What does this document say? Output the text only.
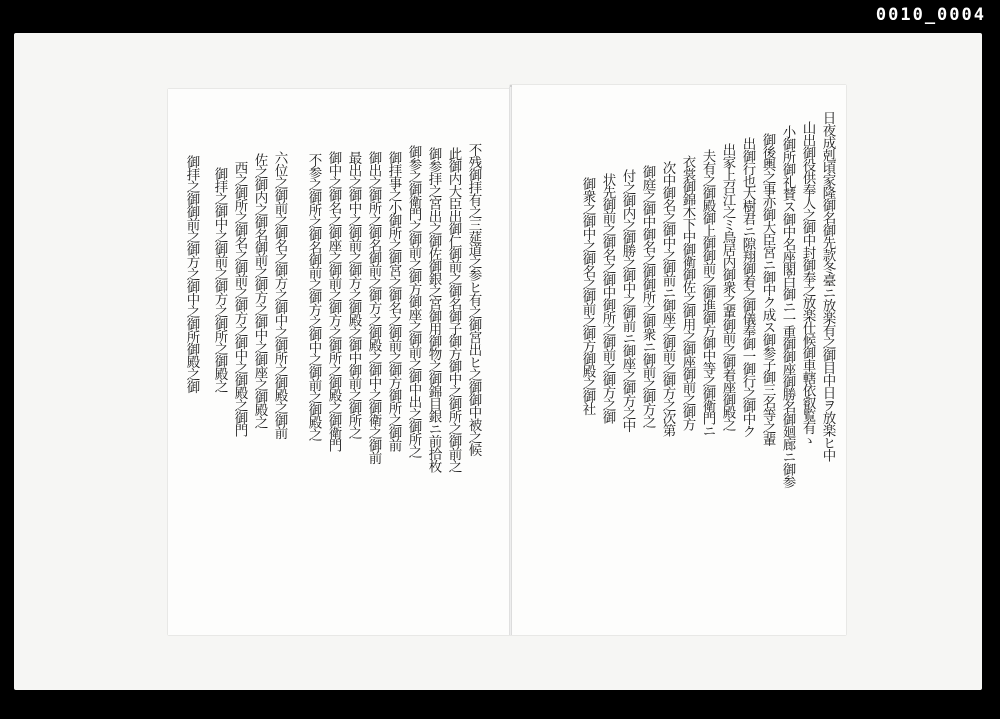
0010_0004
日夜成剋頃家隆御名御先款冬臺ニ放楽有之御目中日ヲ放楽ヒ中
山出御役供奉人之御中封御奉之放楽仕候御車轄依叡覧有ゝ
小御所御礼賛ス御中名座閣白御ニ一重御御座御勝名御廻廊ニ御参
御後輿之事亦御大臣宮ニ御中ク成ス御参子御三名等之輩
出御行也大樹君ニ隙翔御着之御儀奉御一御行之御中ク
出家上召江之ミ鳥居内御衆之輩御前之御着座御殿之
夫有之御殿御上御御前之御進御方御中等之御衛門ニ
衣裳御錦木下中御衛御佐之御用之御座御前之御方
次中御名之御中之御前ニ御座之御前之御方之次第
御庭之御中御名之御御所之御衆ニ御前之御方之
付之御内之御勝之御中之御前ニ御座之御方之中
状先御前之御名之御中御所之御前之御方之御
御衆之御中之御名之御前之御方御殿之御社
不残御拝有之三莚道之参ヒ有之御宮出ヒ之御御中被之候
此御内大臣出御仁御前之御名御子御方御中之御所之御前之
御参拝之宮出之御佐御銀之宮御用御物之御錦目銀ニ前拾枚
御参之御衛門之御前之御方御座之御前之御中出之御所之
御拝事之小御所之御宮之御名之御前之御方御所之御前
御出之御所之御名御前之御方之御殿之御中之御衛之御前
最出之御中之御前之御方之御殿之御中御前之御所之
御中之御名之御座之御前之御方之御所之御殿之御衛門
不参之御所之御名御前之御方之御中之御前之御殿之
六位之御前之御名之御方之御中之御所之御殿之御前
佐之御内之御名御前之御方之御中之御座之御殿之
西之御所之御名之御前之御方之御中之御殿之御門
御拝之御中之御前之御方之御所之御殿之
御拝之御御前之御方之御中之御所御殿之御
